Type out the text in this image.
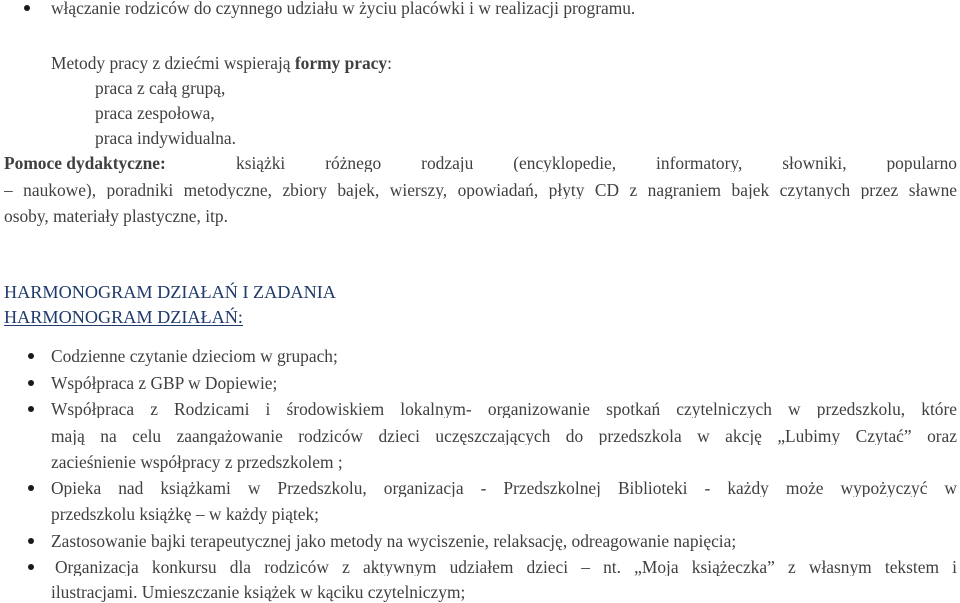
włączanie rodziców do czynnego udziału w życiu placówki i w realizacji programu.
Metody pracy z dziećmi wspierają formy pracy:
praca z całą grupą,
praca zespołowa,
praca indywidualna.
Pomoce dydaktyczne:	książki różnego rodzaju (encyklopedie, informatory, słowniki, popularno
– naukowe), poradniki metodyczne, zbiory bajek, wierszy, opowiadań, płyty CD z nagraniem bajek czytanych przez sławne
osoby, materiały plastyczne, itp.
HARMONOGRAM DZIAŁAŃ I ZADANIA
HARMONOGRAM DZIAŁAŃ:
Codzienne czytanie dzieciom w grupach;
Współpraca z GBP w Dopiewie;
Współpraca z Rodzicami i środowiskiem lokalnym- organizowanie spotkań czytelniczych w przedszkolu, które
mają na celu zaangażowanie rodziców dzieci uczęszczających do przedszkola w akcję „Lubimy Czytać” oraz
zacieśnienie współpracy z przedszkolem ;
Opieka nad książkami w Przedszkolu, organizacja - Przedszkolnej Biblioteki - każdy może wypożyczyć w
przedszkolu książkę – w każdy piątek;
Zastosowanie bajki terapeutycznej jako metody na wyciszenie, relaksację, odreagowanie napięcia;
Organizacja konkursu dla rodziców z aktywnym udziałem dzieci – nt. „Moja książeczka” z własnym tekstem i
ilustracjami. Umieszczanie książek w kąciku czytelniczym;
